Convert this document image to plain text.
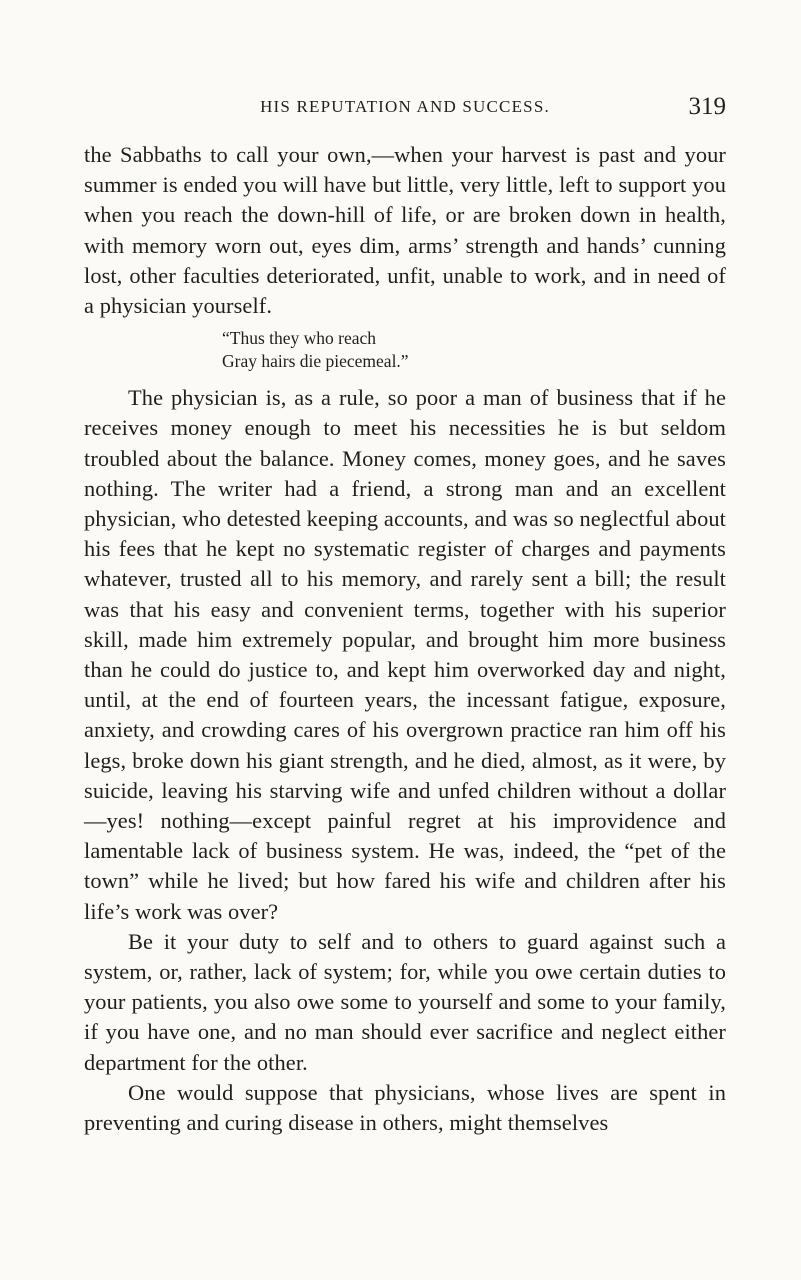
HIS REPUTATION AND SUCCESS.	319

the Sabbaths to call your own,—when your harvest is past and your summer is ended you will have but little, very little, left to support you when you reach the down-hill of life, or are broken down in health, with memory worn out, eyes dim, arms’ strength and hands’ cunning lost, other faculties deteriorated, unfit, unable to work, and in need of a physician yourself.

“Thus they who reach
Gray hairs die piecemeal.”

The physician is, as a rule, so poor a man of business that if he receives money enough to meet his necessities he is but seldom troubled about the balance. Money comes, money goes, and he saves nothing. The writer had a friend, a strong man and an excellent physician, who detested keeping accounts, and was so neglectful about his fees that he kept no systematic register of charges and payments whatever, trusted all to his memory, and rarely sent a bill; the result was that his easy and convenient terms, together with his superior skill, made him extremely popular, and brought him more business than he could do justice to, and kept him overworked day and night, until, at the end of fourteen years, the incessant fatigue, exposure, anxiety, and crowding cares of his overgrown practice ran him off his legs, broke down his giant strength, and he died, almost, as it were, by suicide, leaving his starving wife and unfed children without a dollar—yes! nothing—except painful regret at his improvidence and lamentable lack of business system. He was, indeed, the “pet of the town” while he lived; but how fared his wife and children after his life’s work was over?

Be it your duty to self and to others to guard against such a system, or, rather, lack of system; for, while you owe certain duties to your patients, you also owe some to yourself and some to your family, if you have one, and no man should ever sacrifice and neglect either department for the other.

One would suppose that physicians, whose lives are spent in preventing and curing disease in others, might themselves
